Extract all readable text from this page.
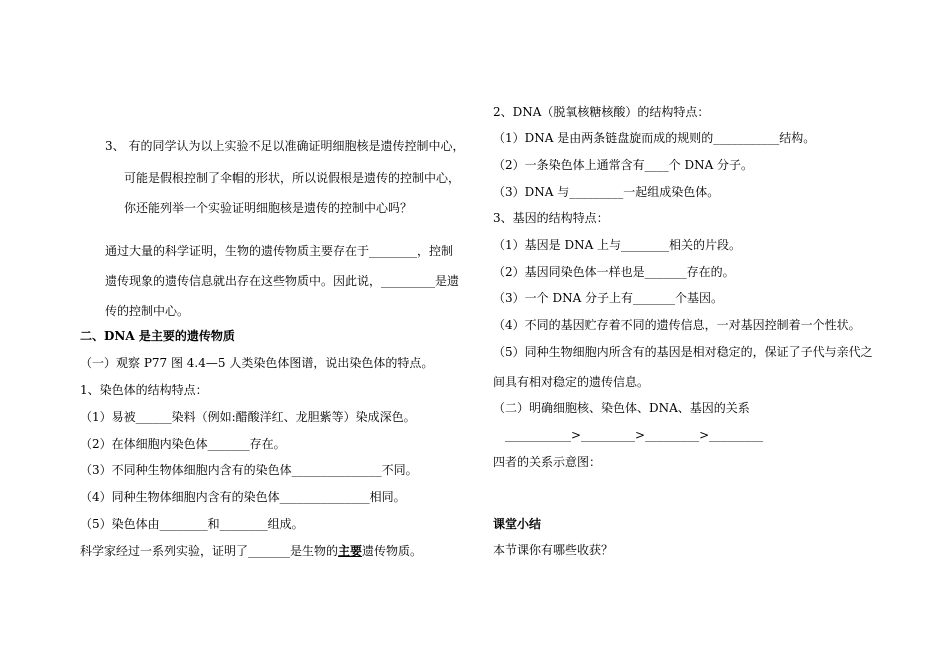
3、 有的同学认为以上实验不足以准确证明细胞核是遗传控制中心，
可能是假根控制了伞帽的形状，所以说假根是遗传的控制中心，
你还能列举一个实验证明细胞核是遗传的控制中心吗？
通过大量的科学证明，生物的遗传物质主要存在于________，控制
遗传现象的遗传信息就出存在这些物质中。因此说，_________是遗
传的控制中心。
二、DNA 是主要的遗传物质
（一）观察 P77 图 4.4—5 人类染色体图谱，说出染色体的特点。
1、染色体的结构特点：
（1）易被______染料（例如:醋酸洋红、龙胆紫等）染成深色。
（2）在体细胞内染色体_______存在。
（3）不同种生物体细胞内含有的染色体_______________不同。
（4）同种生物体细胞内含有的染色体_______________相同。
（5）染色体由________和________组成。
科学家经过一系列实验，证明了_______是生物的主要遗传物质。
2、DNA（脱氧核糖核酸）的结构特点：
（1）DNA 是由两条链盘旋而成的规则的___________结构。
（2）一条染色体上通常含有____个 DNA 分子。
（3）DNA 与_________一起组成染色体。
3、基因的结构特点：
（1）基因是 DNA 上与________相关的片段。
（2）基因同染色体一样也是_______存在的。
（3）一个 DNA 分子上有_______个基因。
（4）不同的基因贮存着不同的遗传信息，一对基因控制着一个性状。
（5）同种生物细胞内所含有的基因是相对稳定的，保证了子代与亲代之
间具有相对稳定的遗传信息。
（二）明确细胞核、染色体、DNA、基因的关系
___________>_________>_________>_________
四者的关系示意图：
课堂小结
本节课你有哪些收获？
